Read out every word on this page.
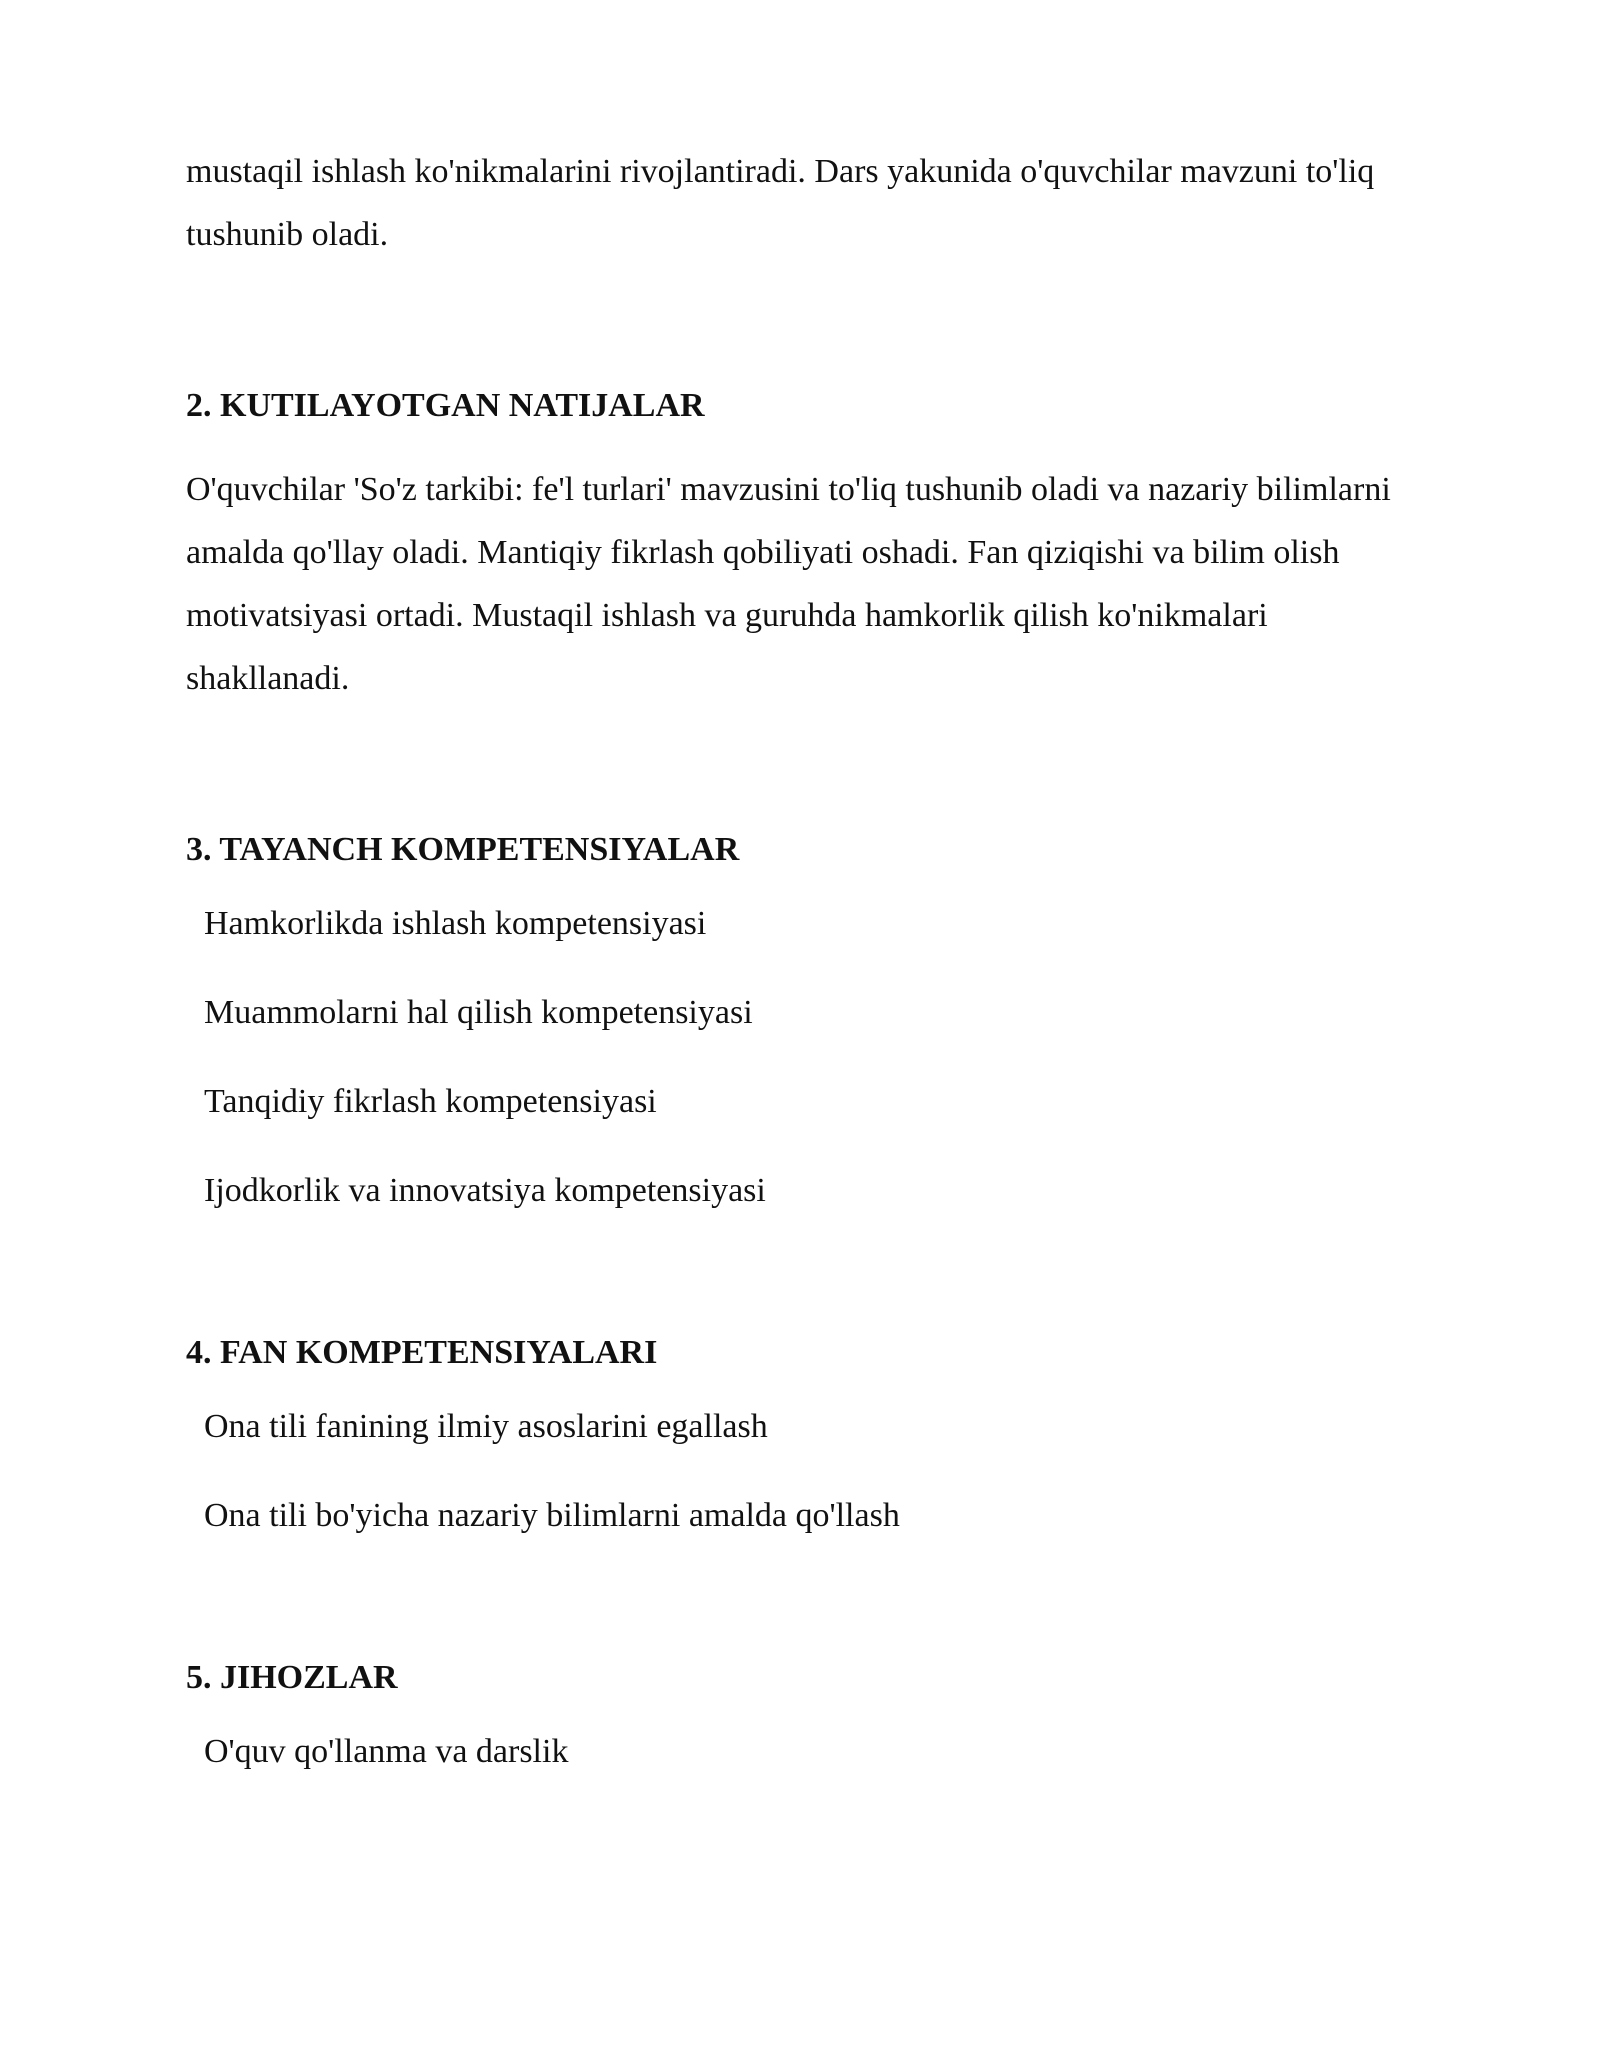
mustaqil ishlash ko'nikmalarini rivojlantiradi. Dars yakunida o'quvchilar mavzuni to'liq tushunib oladi.

2. KUTILAYOTGAN NATIJALAR

O'quvchilar 'So'z tarkibi: fe'l turlari' mavzusini to'liq tushunib oladi va nazariy bilimlarni amalda qo'llay oladi. Mantiqiy fikrlash qobiliyati oshadi. Fan qiziqishi va bilim olish motivatsiyasi ortadi. Mustaqil ishlash va guruhda hamkorlik qilish ko'nikmalari shakllanadi.

3. TAYANCH KOMPETENSIYALAR
Hamkorlikda ishlash kompetensiyasi
Muammolarni hal qilish kompetensiyasi
Tanqidiy fikrlash kompetensiyasi
Ijodkorlik va innovatsiya kompetensiyasi
4. FAN KOMPETENSIYALARI
Ona tili fanining ilmiy asoslarini egallash
Ona tili bo'yicha nazariy bilimlarni amalda qo'llash
5. JIHOZLAR
O'quv qo'llanma va darslik
